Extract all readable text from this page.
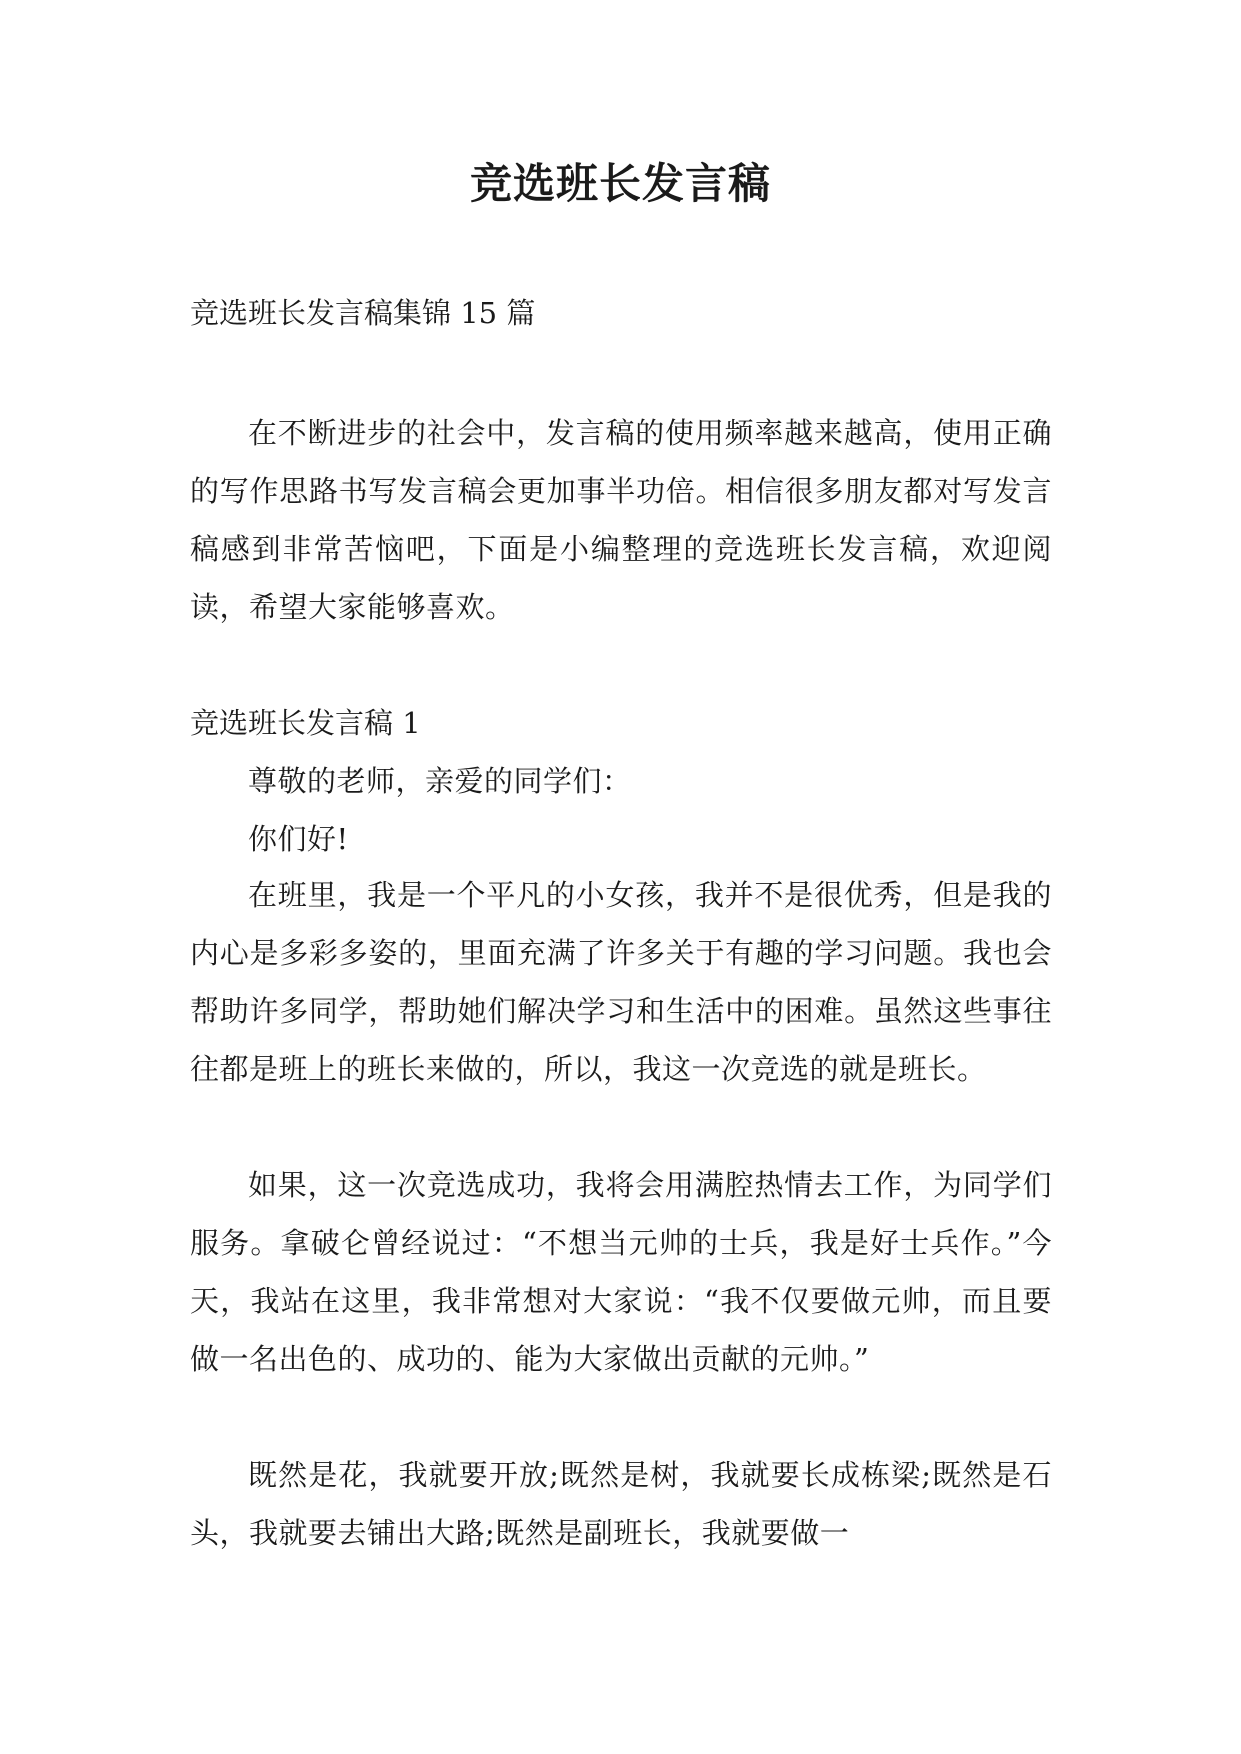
竞选班长发言稿

竞选班长发言稿集锦 15 篇

在不断进步的社会中，发言稿的使用频率越来越高，使用正确的写作思路书写发言稿会更加事半功倍。相信很多朋友都对写发言稿感到非常苦恼吧，下面是小编整理的竞选班长发言稿，欢迎阅读，希望大家能够喜欢。

竞选班长发言稿 1

尊敬的老师，亲爱的同学们：

你们好!

在班里，我是一个平凡的小女孩，我并不是很优秀，但是我的内心是多彩多姿的，里面充满了许多关于有趣的学习问题。我也会帮助许多同学，帮助她们解决学习和生活中的困难。虽然这些事往往都是班上的班长来做的，所以，我这一次竞选的就是班长。

如果，这一次竞选成功，我将会用满腔热情去工作，为同学们服务。拿破仑曾经说过：“不想当元帅的士兵，我是好士兵作。”今天，我站在这里，我非常想对大家说：“我不仅要做元帅，而且要做一名出色的、成功的、能为大家做出贡献的元帅。”

既然是花，我就要开放;既然是树，我就要长成栋梁;既然是石头，我就要去铺出大路;既然是副班长，我就要做一
